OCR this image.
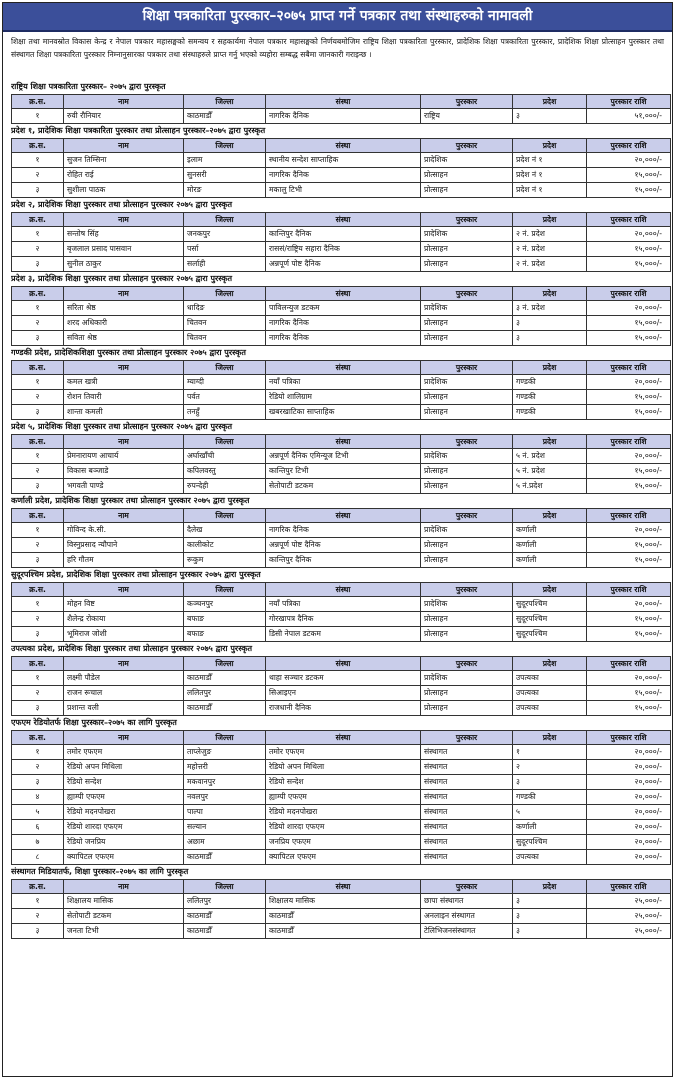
शिक्षा पत्रकारिता पुरस्कार–२०७५ प्राप्त गर्ने पत्रकार तथा संस्थाहरुको नामावली
शिक्षा तथा मानवस्रोत विकास केन्द्र र नेपाल पत्रकार महासङ्घको समन्वय र सहकार्यमा नेपाल पत्रकार महासङ्घको निर्णयबमोजिम राष्ट्रिय शिक्षा पत्रकारिता पुरस्कार, प्रादेशिक शिक्षा पत्रकारिता पुरस्कार, प्रादेशिक शिक्षा प्रोत्साहन पुरस्कार तथा संस्थागत शिक्षा पत्रकारिता पुरस्कार निम्नानुसारका पत्रकार तथा संस्थाहरुले प्राप्त गर्नु भएको व्यहोरा सम्बद्ध सबैमा जानकारी गराइन्छ ।
राष्ट्रिय शिक्षा पत्रकारिता पुरस्कार– २०७५ द्वारा पुरस्कृत
क्र.स.	नाम	जिल्ला	संस्था	पुरस्कार	प्रदेश	पुरस्कार राशि
१	रुवी रौनियार	काठमाडौँ	नागरिक दैनिक	राष्ट्रिय	३	५१,०००/-
प्रदेश १, प्रादेशिक शिक्षा पत्रकारिता पुरस्कार तथा प्रोत्साहन पुरस्कार–२०७५ द्वारा पुरस्कृत
क्र.स.	नाम	जिल्ला	संस्था	पुरस्कार	प्रदेश	पुरस्कार राशि
१	सुजन तिम्सिना	इलाम	स्थानीय सन्देश साप्ताहिक	प्रादेशिक	प्रदेश नं १	२०,०००/-
२	रोहित राई	सुनसरी	नागरिक दैनिक	प्रोत्साहन	प्रदेश नं १	१५,०००/-
३	सुशीला पाठक	मोरङ	मकालु टिभी	प्रोत्साहन	प्रदेश नं १	१५,०००/-
प्रदेश २, प्रादेशिक शिक्षा पुरस्कार तथा प्रोत्साहन पुरस्कार २०७५ द्वारा पुरस्कृत
क्र.स.	नाम	जिल्ला	संस्था	पुरस्कार	प्रदेश	पुरस्कार राशि
१	सन्तोष सिंह	जनकपुर	कान्तिपुर दैनिक	प्रादेशिक	२ नं. प्रदेश	२०,०००/-
२	बृजलाल प्रसाद पासवान	पर्सा	राससं/राष्ट्रिय सहारा दैनिक	प्रोत्साहन	२ नं. प्रदेश	१५,०००/-
३	सुनील ठाकुर	सर्लाही	अन्नपूर्ण पोष्ट दैनिक	प्रोत्साहन	२ नं. प्रदेश	१५,०००/-
प्रदेश ३, प्रादेशिक शिक्षा पुरस्कार तथा प्रोत्साहन पुरस्कार २०७५ द्वारा पुरस्कृत
क्र.स.	नाम	जिल्ला	संस्था	पुरस्कार	प्रदेश	पुरस्कार राशि
१	सरिता श्रेष्ठ	धादिङ	पाविलन्युज डटकम	प्रादेशिक	३ नं. प्रदेश	२०,०००/-
२	शरद अधिकारी	चितवन	नागरिक दैनिक	प्रोत्साहन	३	१५,०००/-
३	सविता श्रेष्ठ	चितवन	नागरिक दैनिक	प्रोत्साहन	३	१५,०००/-
गण्डकी प्रदेश, प्रादेशिकशिक्षा पुरस्कार तथा प्रोत्साहन पुरस्कार २०७५ द्वारा पुरस्कृत
क्र.स.	नाम	जिल्ला	संस्था	पुरस्कार	प्रदेश	पुरस्कार राशि
१	कमल खत्री	म्याग्दी	नयाँ पत्रिका	प्रादेशिक	गण्डकी	२०,०००/-
२	रोशन तिवारी	पर्वत	रेडियो शालिग्राम	प्रोत्साहन	गण्डकी	१५,०००/-
३	शान्ता कमली	तनहुँ	खबरखाटिका साप्ताहिक	प्रोत्साहन	गण्डकी	१५,०००/-
प्रदेश ५, प्रादेशिक शिक्षा पुरस्कार तथा प्रोत्साहन पुरस्कार २०७५ द्वारा पुरस्कृत
क्र.स.	नाम	जिल्ला	संस्था	पुरस्कार	प्रदेश	पुरस्कार राशि
१	प्रेमनारायण आचार्य	अर्घाखाँची	अन्नपूर्ण दैनिक एमिन्यूज टिभी	प्रादेशिक	५ नं. प्रदेश	२०,०००/-
२	विकास बञ्जाडे	कपिलवस्तु	कान्तिपुर टिभी	प्रोत्साहन	५ नं. प्रदेश	१५,०००/-
३	भगवती पाण्डे	रुपन्देही	सेतोपाटी डटकम	प्रोत्साहन	५ नं.प्रदेश	१५,०००/-
कर्णाली प्रदेश, प्रादेशिक शिक्षा पुरस्कार तथा प्रोत्साहन पुरस्कार २०७५ द्वारा पुरस्कृत
क्र.स.	नाम	जिल्ला	संस्था	पुरस्कार	प्रदेश	पुरस्कार राशि
१	गोविन्द के.सी.	दैलेख	नागरिक दैनिक	प्रादेशिक	कर्णाली	२०,०००/-
२	विस्नुप्रसाद न्यौपाने	कालीकोट	अन्नपूर्ण पोष्ट दैनिक	प्रोत्साहन	कर्णाली	१५,०००/-
३	हरि गौतम	रूकुम	कान्तिपुर दैनिक	प्रोत्साहन	कर्णाली	१५,०००/-
सुदूरपश्चिम प्रदेश, प्रादेशिक शिक्षा पुरस्कार तथा प्रोत्साहन पुरस्कार २०७५ द्वारा पुरस्कृत
क्र.स.	नाम	जिल्ला	संस्था	पुरस्कार	प्रदेश	पुरस्कार राशि
१	मोहन विष्ट	कञ्चनपुर	नयाँ पत्रिका	प्रादेशिक	सुदूरपश्चिम	२०,०००/-
२	शैलेन्द्र रोकाया	बफाङ	गोरखापत्र दैनिक	प्रोत्साहन	सुदूरपश्चिम	१५,०००/-
३	भूमिराज जोशी	बफाङ	डिसी नेपाल डटकम	प्रोत्साहन	सुदूरपश्चिम	१५,०००/-
उपत्यका प्रदेश, प्रादेशिक शिक्षा पुरस्कार तथा प्रोत्साहन पुरस्कार २०७५ द्वारा पुरस्कृत
क्र.स.	नाम	जिल्ला	संस्था	पुरस्कार	प्रदेश	पुरस्कार राशि
१	लक्ष्मी पौडेल	काठमाडौँ	थाहा सञ्चार डटकम	प्रादेशिक	उपत्यका	२०,०००/-
२	राजन रूचाल	ललितपुर	सिआइएन	प्रोत्साहन	उपत्यका	१५,०००/-
३	प्रशान्त वली	काठमाडौँ	राजधानी दैनिक	प्रोत्साहन	उपत्यका	१५,०००/-
एफएम रेडियोतर्फ शिक्षा पुरस्कार–२०७५ का लागि पुरस्कृत
क्र.स.	नाम	जिल्ला	संस्था	पुरस्कार	प्रदेश	पुरस्कार राशि
१	तमोर एफएम	ताप्लेजुङ	तमोर एफएम	संस्थागत	१	२०,०००/-
२	रेडियो अपन मिथिला	महोत्तरी	रेडियो अपन मिथिला	संस्थागत	२	२०,०००/-
३	रेडियो सन्देश	मकवानपुर	रेडियो सन्देश	संस्थागत	३	२०,०००/-
४	ह्याम्पी एफएम	नवलपुर	ह्याम्पी एफएम	संस्थागत	गण्डकी	२०,०००/-
५	रेडियो मदनपोखरा	पाल्पा	रेडियो मदनपोखरा	संस्थागत	५	२०,०००/-
६	रेडियो शारदा एफएम	सल्यान	रेडियो शारदा एफएम	संस्थागत	कर्णाली	२०,०००/-
७	रेडियो जनप्रिय	अछाम	जनप्रिय एफएम	संस्थागत	सुदूरपश्चिम	२०,०००/-
८	क्यापिटल एफएम	काठमाडौँ	क्यापिटल एफएम	संस्थागत	उपत्यका	२०,०००/-
संस्थागत मिडियातर्फ, शिक्षा पुरस्कार–२०७५ का लागि पुरस्कृत
क्र.स.	नाम	जिल्ला	संस्था	पुरस्कार	प्रदेश	पुरस्कार राशि
१	शिक्षालय मासिक	ललितपुर	शिक्षालय मासिक	छापा संस्थागत	३	२५,०००/-
२	सेतोपाटी डटकम	काठमाडौँ	काठमाडौँ	अनलाइन संस्थागत	३	२५,०००/-
३	जनता टिभी	काठमाडौँ	काठमाडौँ	टेलिभिजनसंस्थागत	३	२५,०००/-
